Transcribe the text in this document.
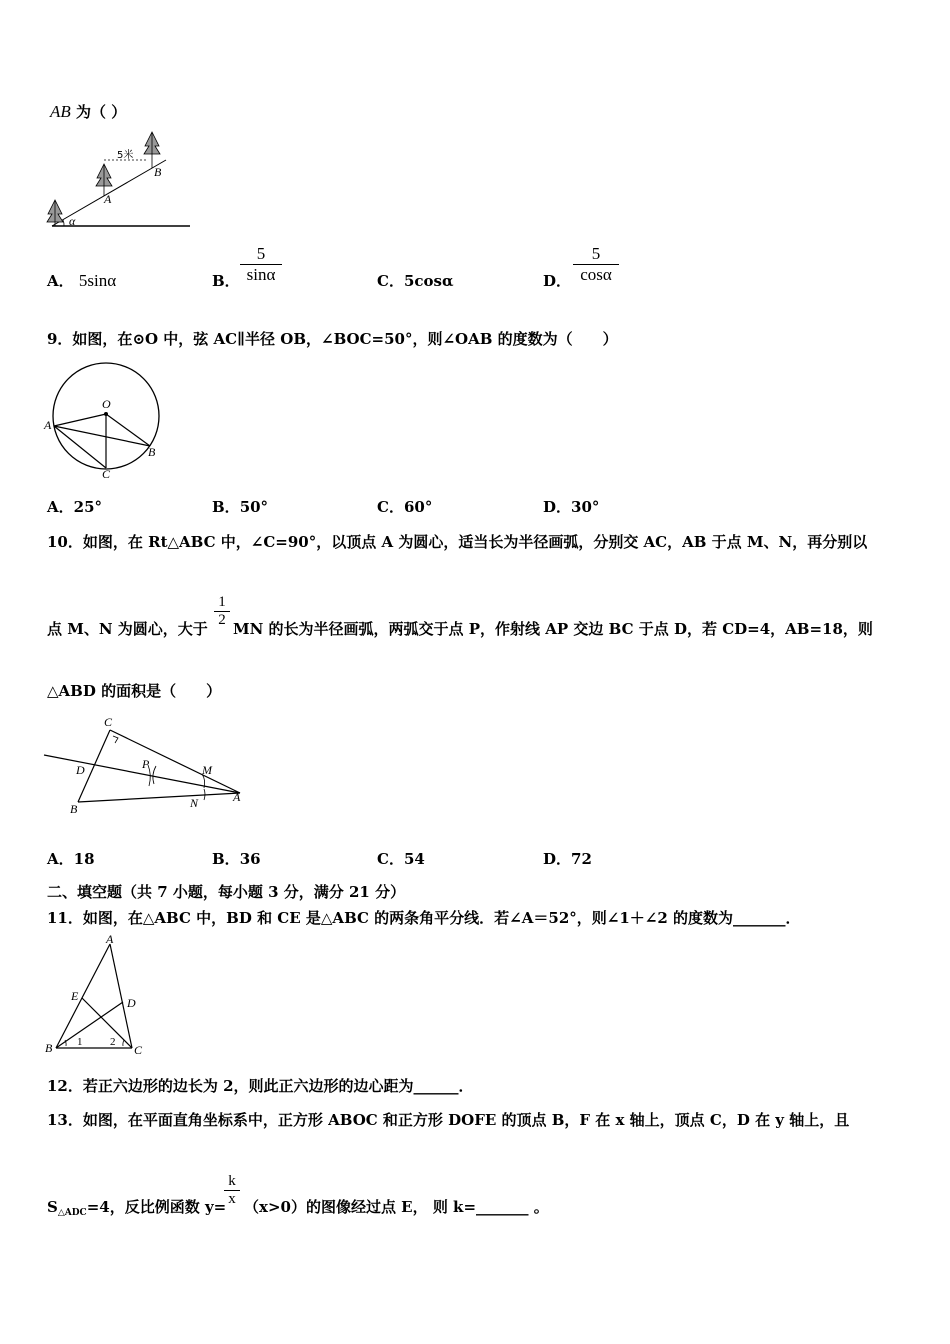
AB 为（ ）
α
5米
B
A
A． 5sinα	B．
5
sinα	C．5cosα	D．
5
cosα
9．如图，在⊙O 中，弦 AC∥半径 OB，∠BOC=50°，则∠OAB 的度数为（　　）
O
A
B
C
A．25°	B．50°	C．60°	D．30°
10．如图，在 Rt△ABC 中，∠C=90°，以顶点 A 为圆心，适当长为半径画弧，分别交 AC，AB 于点 M、N，再分别以
点 M、N 为圆心，大于
1
2 MN 的长为半径画弧，两弧交于点 P，作射线 AP 交边 BC 于点 D，若 CD=4，AB=18，则
△ABD 的面积是（　　）
C
D	P	M
B	N	A
A．18	B．36	C．54	D．72
二、填空题（共 7 小题，每小题 3 分，满分 21 分）
11．如图，在△ABC 中，BD 和 CE 是△ABC 的两条角平分线．若∠A＝52°，则∠1＋∠2 的度数为_______．
A
E	D
B	C
1	2
12．若正六边形的边长为 2，则此正六边形的边心距为______．
13．如图，在平面直角坐标系中，正方形 ABOC 和正方形 DOFE 的顶点 B，F 在 x 轴上，顶点 C，D 在 y 轴上，且
$S_{\triangle ADC}=4$，反比例函数 y=
k
x （x>0）的图像经过点 E， 则 k=_______ 。
